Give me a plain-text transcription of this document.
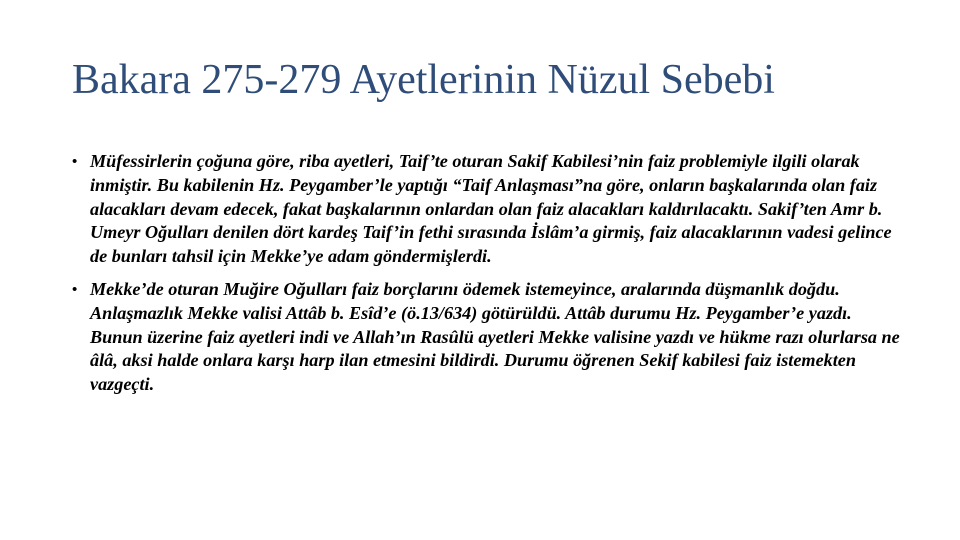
Bakara 275-279 Ayetlerinin Nüzul Sebebi
• Müfessirlerin çoğuna göre, riba ayetleri, Taif’te oturan Sakif Kabilesi’nin faiz problemiyle ilgili olarak inmiştir. Bu kabilenin Hz. Peygamber’le yaptığı “Taif Anlaşması”na göre, onların başkalarında olan faiz alacakları devam edecek, fakat başkalarının onlardan olan faiz alacakları kaldırılacaktı. Sakif’ten Amr b. Umeyr Oğulları denilen dört kardeş Taif’in fethi sırasında İslâm’a girmiş, faiz alacaklarının vadesi gelince de bunları tahsil için Mekke’ye adam göndermişlerdi.
• Mekke’de oturan Muğire Oğulları faiz borçlarını ödemek istemeyince, aralarında düşmanlık doğdu. Anlaşmazlık Mekke valisi Attâb b. Esîd’e (ö.13/634) götürüldü. Attâb durumu Hz. Peygamber’e yazdı. Bunun üzerine faiz ayetleri indi ve Allah’ın Rasûlü ayetleri Mekke valisine yazdı ve hükme razı olurlarsa ne âlâ, aksi halde onlara karşı harp ilan etmesini bildirdi. Durumu öğrenen Sekif kabilesi faiz istemekten vazgeçti.
